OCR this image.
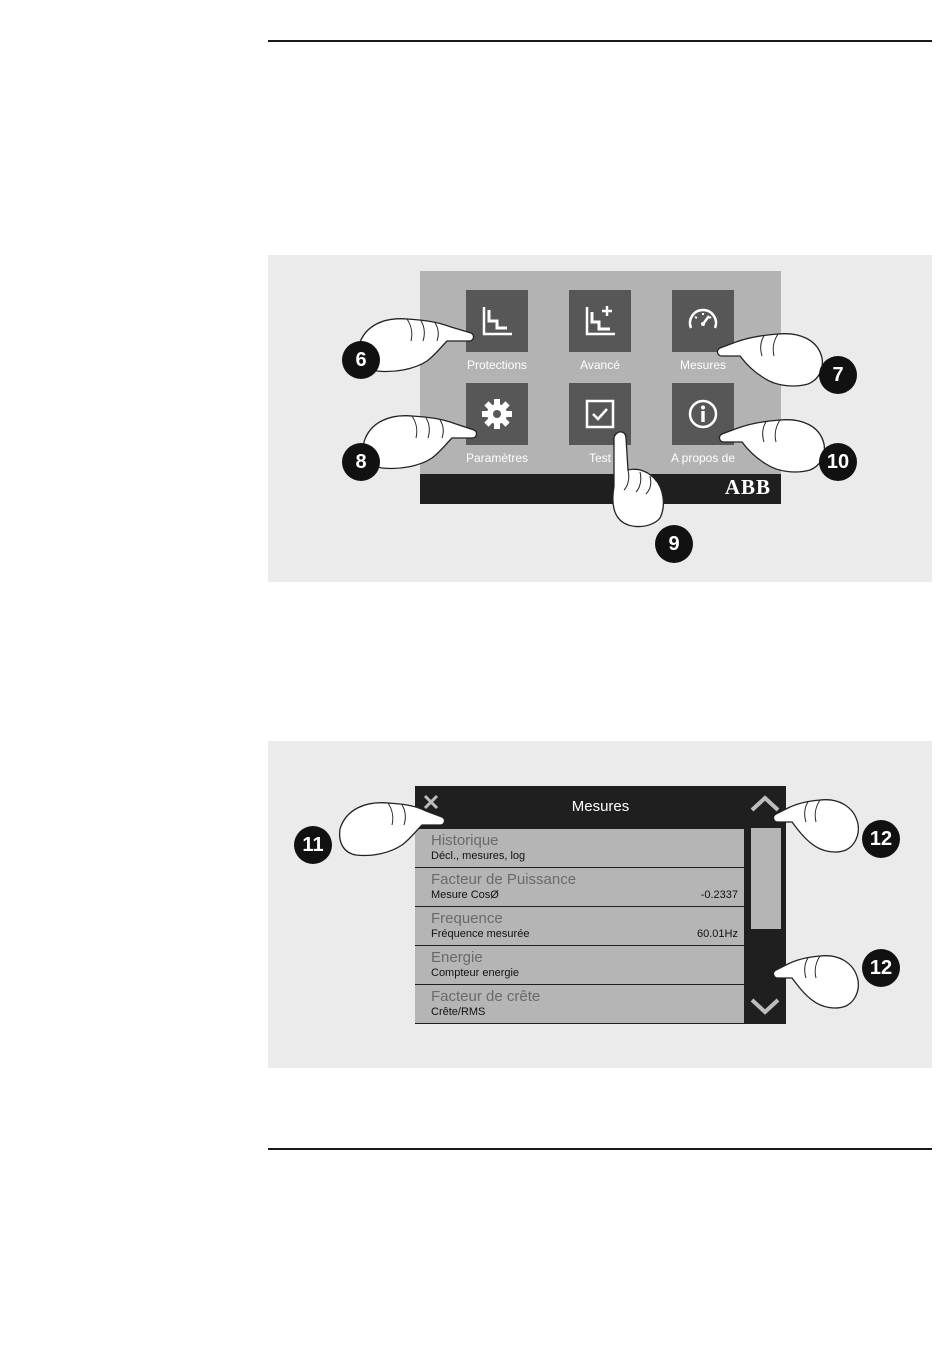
Protections	Avancé	Mesures
Paramètres	Test	A propos de
ABB
6
7
8
9
10
Mesures
Historique
Décl., mesures, log
Facteur de Puissance
Mesure CosØ	-0.2337
Frequence
Fréquence mesurée	60.01Hz
Energie
Compteur energie
Facteur de crête
Crête/RMS
11	12
12
